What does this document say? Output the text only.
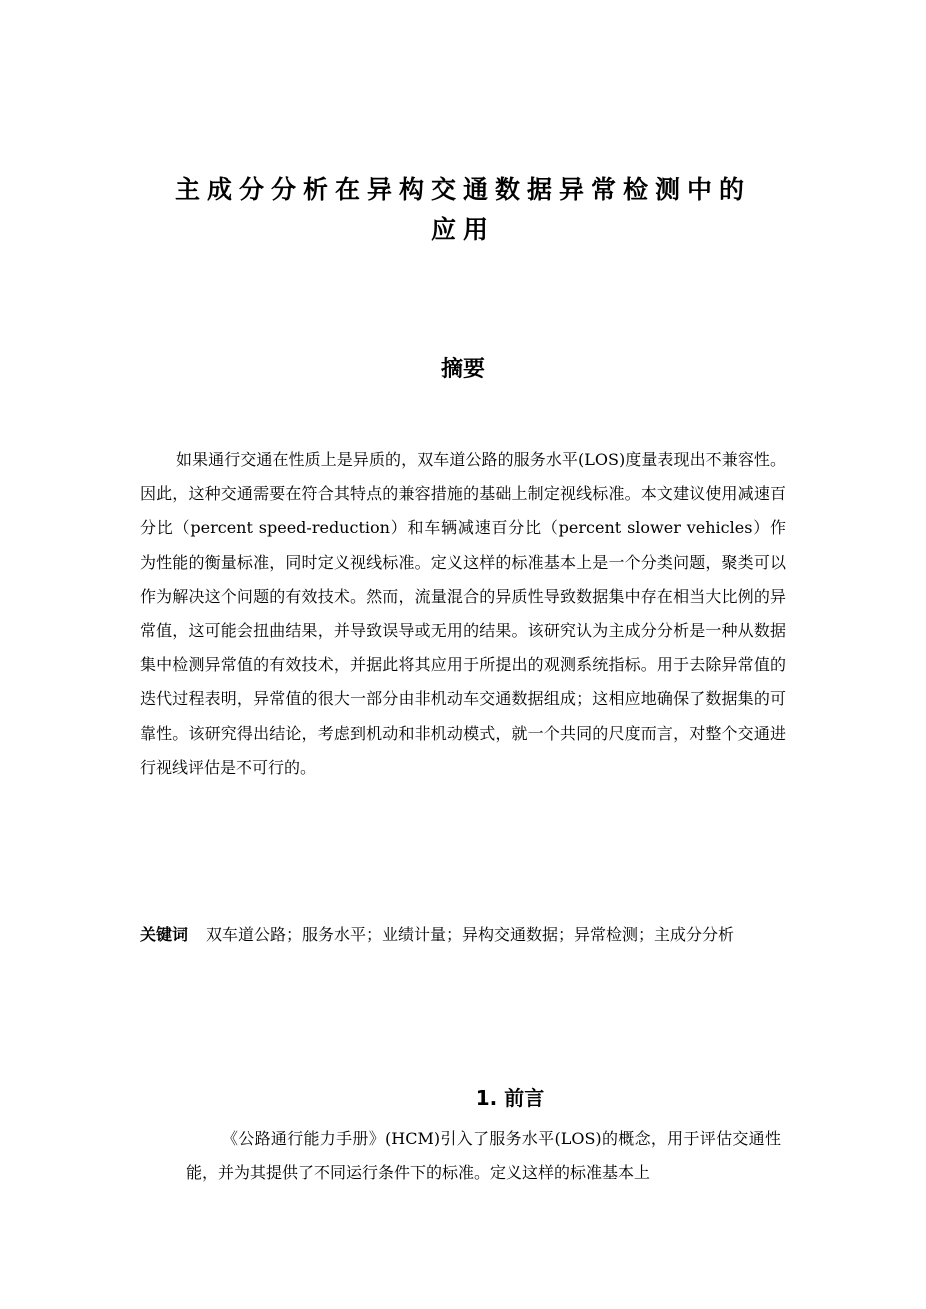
主成分分析在异构交通数据异常检测中的
应用
摘要

如果通行交通在性质上是异质的，双车道公路的服务水平(LOS)度量表现出不兼容性。因此，这种交通需要在符合其特点的兼容措施的基础上制定视线标准。本文建议使用减速百分比（percent speed-reduction）和车辆减速百分比（percent slower vehicles）作为性能的衡量标准，同时定义视线标准。定义这样的标准基本上是一个分类问题，聚类可以作为解决这个问题的有效技术。然而，流量混合的异质性导致数据集中存在相当大比例的异常值，这可能会扭曲结果，并导致误导或无用的结果。该研究认为主成分分析是一种从数据集中检测异常值的有效技术，并据此将其应用于所提出的观测系统指标。用于去除异常值的迭代过程表明，异常值的很大一部分由非机动车交通数据组成；这相应地确保了数据集的可靠性。该研究得出结论，考虑到机动和非机动模式，就一个共同的尺度而言，对整个交通进行视线评估是不可行的。

关键词 双车道公路；服务水平；业绩计量；异构交通数据；异常检测；主成分分析

1. 前言

《公路通行能力手册》(HCM)引入了服务水平(LOS)的概念，用于评估交通性能，并为其提供了不同运行条件下的标准。定义这样的标准基本上
